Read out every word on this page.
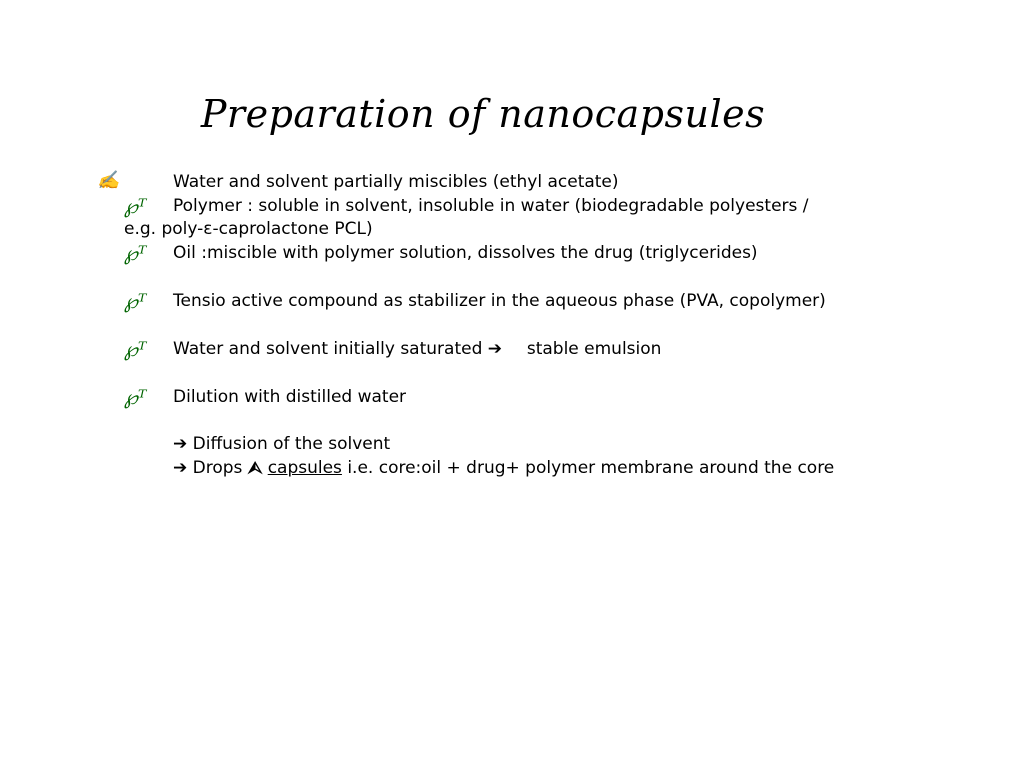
Preparation of nanocapsules
✍	Water and solvent partially miscibles (ethyl acetate)
℘ᵀ Polymer : soluble in solvent, insoluble in water (biodegradable polyesters /
e.g. poly-ε-caprolactone PCL)
℘ᵀ Oil :miscible with polymer solution, dissolves the drug (triglycerides)
℘ᵀ Tensio active compound as stabilizer in the aqueous phase (PVA, copolymer)
℘ᵀ Water and solvent initially saturated ➔ stable emulsion
℘ᵀ Dilution with distilled water
➔ Diffusion of the solvent
➔ Drops ⮙ capsules i.e. core:oil + drug+ polymer membrane around the core
